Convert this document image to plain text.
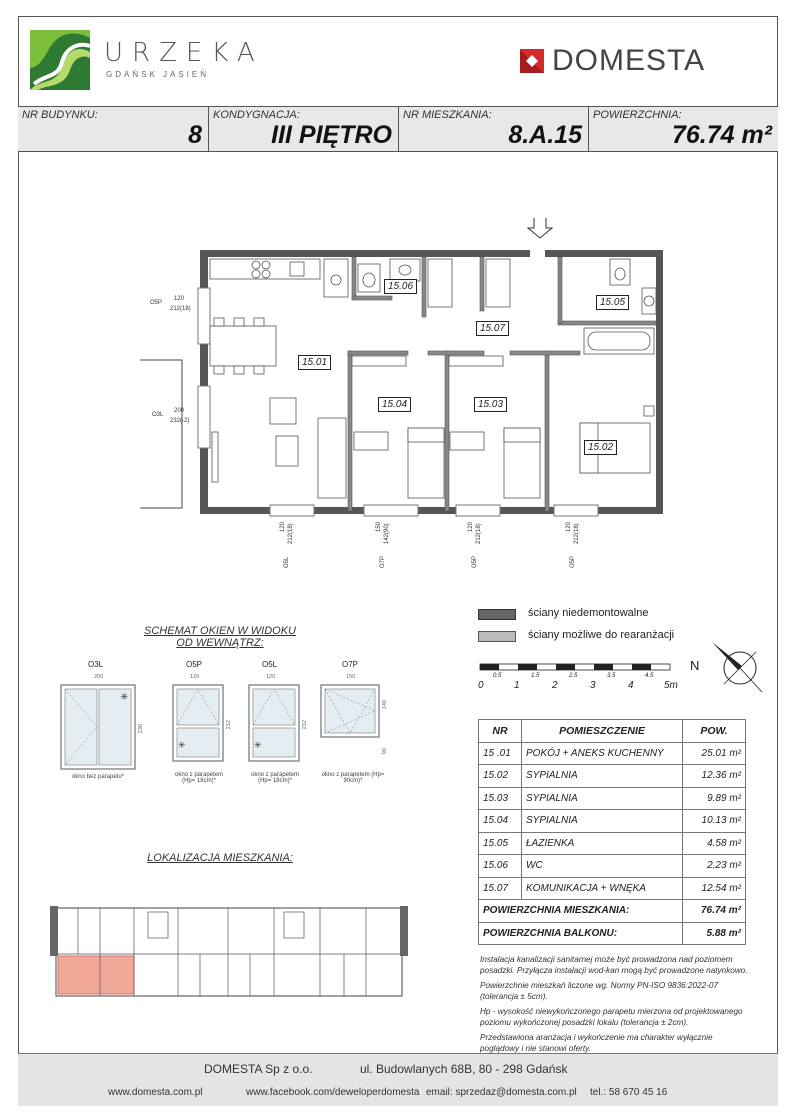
URZEKA
GDAŃSK JASIEŃ	DOMESTA
NR BUDYNKU:
8
KONDYGNACJA:
III PIĘTRO
NR MIESZKANIA:
8.A.15
POWIERZCHNIA:
76.74 m²
O5P
120
212(18)
O3L
200
232(-2)
120 212(18)
O5L
150 142(90)
O7P
120 212(18)
O5P
120 212(18)
O5P
15.01
15.02
15.03
15.04
15.05
15.06
15.07
ściany niedemontowalne
ściany możliwe do rearanżacji
0.5	1.5	2.5	3.5	4.5
0	1	2	3	4	5m
N
SCHEMAT OKIEN W WIDOKU
OD WEWNĄTRZ:
O3L
200
230
✳
okno bez parapetu*
O5P
120
212
✳
okno z parapetem (Hp= 18cm)*
O5L
120
212
✳
okno z parapetem (Hp= 18cm)*
O7P
150
140
90
okno z parapetem (Hp= 90cm)*
LOKALIZACJA MIESZKANIA:
NR	POMIESZCZENIE	POW.
15 .01	POKÓJ + ANEKS KUCHENNY	25.01 m²
15.02	SYPIALNIA	12.36 m²
15.03	SYPIALNIA	9.89 m²
15.04	SYPIALNIA	10.13 m²
15.05	ŁAZIENKA	4.58 m²
15.06	WC	2.23 m²
15.07	KOMUNIKACJA + WNĘKA	12.54 m²
POWIERZCHNIA MIESZKANIA:		76.74 m²
POWIERZCHNIA BALKONU:		5.88 m²
Instalacja kanalizacji sanitarnej może być prowadzona nad poziomem posadzki. Przyłącza instalacji wod-kan mogą być prowadzone natynkowo.
Powierzchnie mieszkań liczone wg. Normy PN-ISO 9836:2022-07 (tolerancja ± 5cm).
Hp - wysokość niewykończonego parapetu mierzona od projektowanego poziomu wykończonej posadzki lokalu (tolerancja ± 2cm).
Przedstawiona aranżacja i wykończenie ma charakter wyłącznie poglądowy i nie stanowi oferty.
DOMESTA Sp z o.o.	ul. Budowlanych 68B, 80 - 298 Gdańsk
www.domesta.com.pl	www.facebook.com/deweloperdomesta email: sprzedaz@domesta.com.pl tel.: 58 670 45 16
